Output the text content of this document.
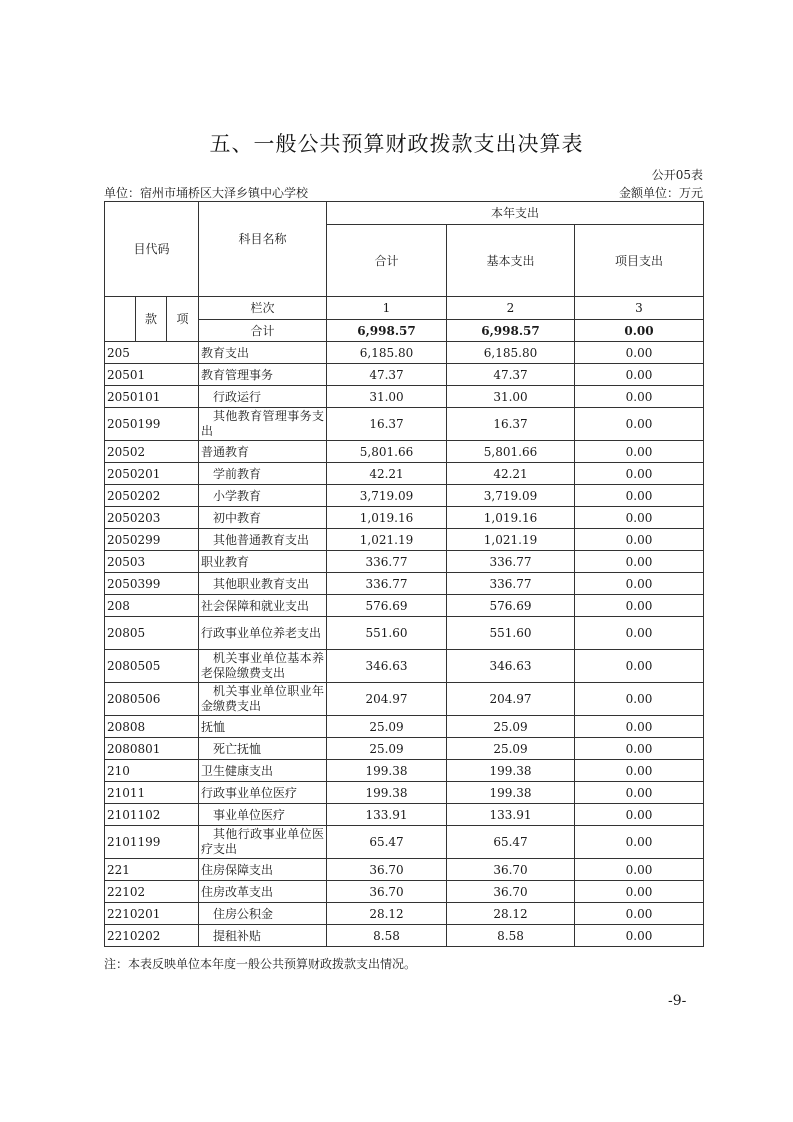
五、一般公共预算财政拨款支出决算表
公开05表
单位：宿州市埇桥区大泽乡镇中心学校	金额单位：万元
目代码			科目名称	本年支出		
				合计	基本支出	项目支出
	款	项	栏次	1	2	3
			合计	6,998.57	6,998.57	0.00
205			教育支出	6,185.80	6,185.80	0.00
20501			教育管理事务	47.37	47.37	0.00
2050101			行政运行	31.00	31.00	0.00
2050199			其他教育管理事务支出	16.37	16.37	0.00
20502			普通教育	5,801.66	5,801.66	0.00
2050201			学前教育	42.21	42.21	0.00
2050202			小学教育	3,719.09	3,719.09	0.00
2050203			初中教育	1,019.16	1,019.16	0.00
2050299			其他普通教育支出	1,021.19	1,021.19	0.00
20503			职业教育	336.77	336.77	0.00
2050399			其他职业教育支出	336.77	336.77	0.00
208			社会保障和就业支出	576.69	576.69	0.00
20805			行政事业单位养老支出	551.60	551.60	0.00
2080505			机关事业单位基本养老保险缴费支出	346.63	346.63	0.00
2080506			机关事业单位职业年金缴费支出	204.97	204.97	0.00
20808			抚恤	25.09	25.09	0.00
2080801			死亡抚恤	25.09	25.09	0.00
210			卫生健康支出	199.38	199.38	0.00
21011			行政事业单位医疗	199.38	199.38	0.00
2101102			事业单位医疗	133.91	133.91	0.00
2101199			其他行政事业单位医疗支出	65.47	65.47	0.00
221			住房保障支出	36.70	36.70	0.00
22102			住房改革支出	36.70	36.70	0.00
2210201			住房公积金	28.12	28.12	0.00
2210202			提租补贴	8.58	8.58	0.00
注：本表反映单位本年度一般公共预算财政拨款支出情况。
-9-
